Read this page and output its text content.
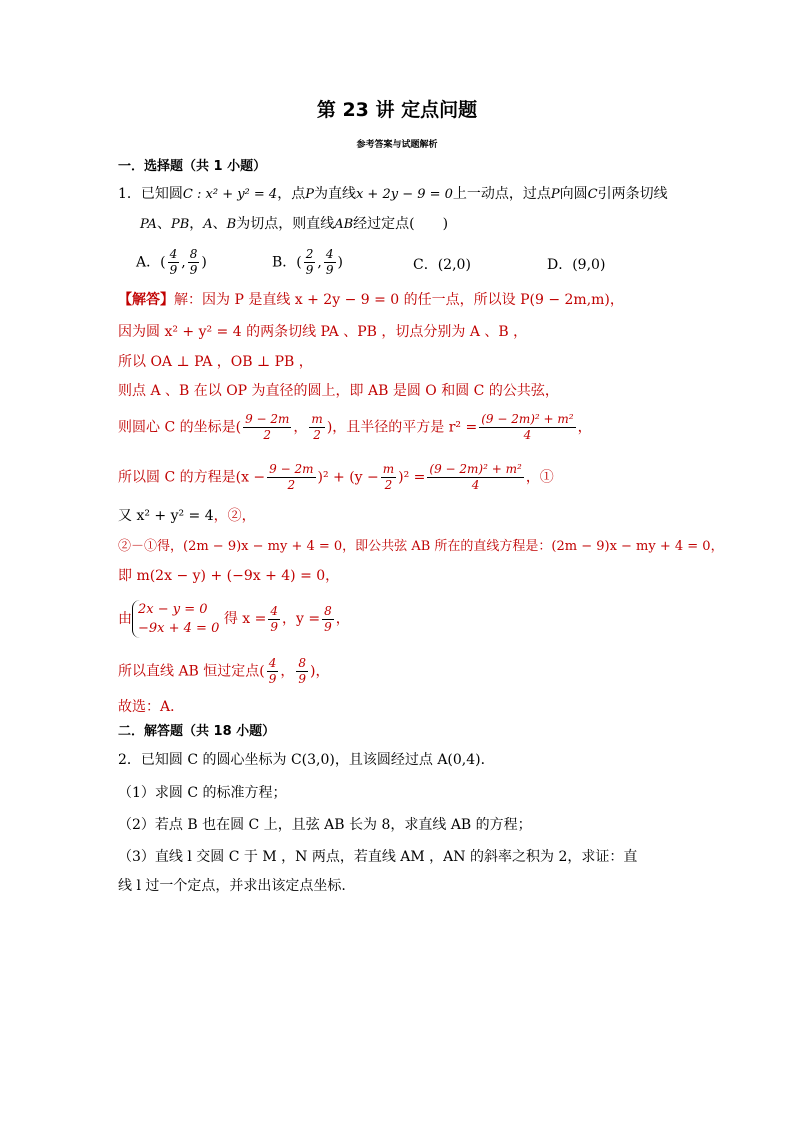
第 23 讲 定点问题
参考答案与试题解析
一．选择题（共 1 小题）
1．已知圆C : x² + y² = 4，点P为直线x + 2y − 9 = 0上一动点，过点P向圆C引两条切线
PA、PB，A、B为切点，则直线AB经过定点(　　)
A．( $\frac{4}{9}$ , $\frac{8}{9}$ )	B．( $\frac{2}{9}$ , $\frac{4}{9}$ )	C．(2,0)	D．(9,0)
【解答】解：因为 P 是直线 x + 2y − 9 = 0 的任一点，所以设 P(9 − 2m,m)，
因为圆 x² + y² = 4 的两条切线 PA 、PB ，切点分别为 A 、B ，
所以 OA ⊥ PA ，OB ⊥ PB ，
则点 A 、B 在以 OP 为直径的圆上，即 AB 是圆 O 和圆 C 的公共弦，
则圆心 C 的坐标是( $\frac{9 - 2m}{2}$ ， $\frac{m}{2}$ )，且半径的平方是 $r^2 = \frac{\text{(9 − 2m)² + m²}}{4}$ ，
所以圆 C 的方程是$(x - \frac{9 - 2m}{2} )^2 + (y - \frac{m}{2} )^2 = \frac{\text{(9 − 2m)² + m²}}{4}$ ，①
又 x² + y² = 4，②，
②－①得，(2m − 9)x − my + 4 = 0，即公共弦 AB 所在的直线方程是：(2m − 9)x − my + 4 = 0，
即 m(2x − y) + (−9x + 4) = 0，
由
2x − y = 0
−9x + 4 = 0
得 $x = \frac{4}{9}$ ，$y = \frac{8}{9}$ ，
所以直线 AB 恒过定点( $\frac{4}{9}$ ， $\frac{8}{9}$ )，
故选：A．
二．解答题（共 18 小题）
2．已知圆 C 的圆心坐标为 C(3,0)，且该圆经过点 A(0,4)．
（1）求圆 C 的标准方程；
（2）若点 B 也在圆 C 上，且弦 AB 长为 8，求直线 AB 的方程；
（3）直线 l 交圆 C 于 M ，N 两点，若直线 AM ，AN 的斜率之积为 2，求证：直
线 l 过一个定点，并求出该定点坐标.
